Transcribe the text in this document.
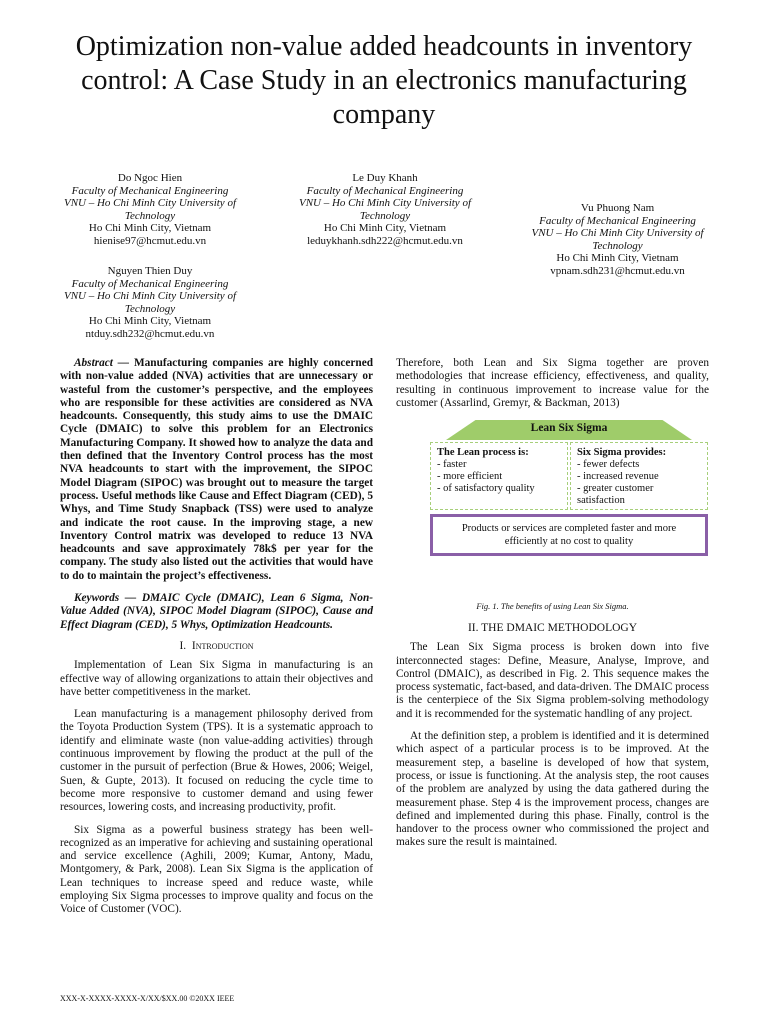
Optimization non-value added headcounts in inventory control: A Case Study in an electronics manufacturing company
Do Ngoc Hien
Faculty of Mechanical Engineering
VNU – Ho Chi Minh City University of Technology
Ho Chi Minh City, Vietnam
hienise97@hcmut.edu.vn
Le Duy Khanh
Faculty of Mechanical Engineering
VNU – Ho Chi Minh City University of Technology
Ho Chi Minh City, Vietnam
leduykhanh.sdh222@hcmut.edu.vn
Vu Phuong Nam
Faculty of Mechanical Engineering
VNU – Ho Chi Minh City University of Technology
Ho Chi Minh City, Vietnam
vpnam.sdh231@hcmut.edu.vn
Nguyen Thien Duy
Faculty of Mechanical Engineering
VNU – Ho Chi Minh City University of Technology
Ho Chi Minh City, Vietnam
ntduy.sdh232@hcmut.edu.vn

Abstract — Manufacturing companies are highly concerned with non-value added (NVA) activities that are unnecessary or wasteful from the customer’s perspective, and the employees who are responsible for these activities are considered as NVA headcounts. Consequently, this study aims to use the DMAIC Cycle (DMAIC) to solve this problem for an Electronics Manufacturing Company. It showed how to analyze the data and then defined that the Inventory Control process has the most NVA headcounts to start with the improvement, the SIPOC Model Diagram (SIPOC) was brought out to measure the target process. Useful methods like Cause and Effect Diagram (CED), 5 Whys, and Time Study Snapback (TSS) were used to analyze and indicate the root cause. In the improving stage, a new Inventory Control matrix was developed to reduce 13 NVA headcounts and save approximately 78k$ per year for the company. The study also listed out the activities that would have to do to maintain the project’s effectiveness.

Keywords — DMAIC Cycle (DMAIC), Lean 6 Sigma, Non-Value Added (NVA), SIPOC Model Diagram (SIPOC), Cause and Effect Diagram (CED), 5 Whys, Optimization Headcounts.

I. Introduction

Implementation of Lean Six Sigma in manufacturing is an effective way of allowing organizations to attain their objectives and have better competitiveness in the market.

Lean manufacturing is a management philosophy derived from the Toyota Production System (TPS). It is a systematic approach to identify and eliminate waste (non value-adding activities) through continuous improvement by flowing the product at the pull of the customer in the pursuit of perfection (Brue & Howes, 2006; Weigel, Suen, & Gupte, 2013). It focused on reducing the cycle time to become more responsive to customer demand and using fewer resources, lowering costs, and increasing productivity, profit.

Six Sigma as a powerful business strategy has been well-recognized as an imperative for achieving and sustaining operational and service excellence (Aghili, 2009; Kumar, Antony, Madu, Montgomery, & Park, 2008). Lean Six Sigma is the application of Lean techniques to increase speed and reduce waste, while employing Six Sigma processes to improve quality and focus on the Voice of Customer (VOC).

Therefore, both Lean and Six Sigma together are proven methodologies that increase efficiency, effectiveness, and quality, resulting in continuous improvement to increase value for the customer (Assarlind, Gremyr, & Backman, 2013)

Lean Six Sigma
The Lean process is:
- faster
- more efficient
- of satisfactory quality
Six Sigma provides:
- fewer defects
- increased revenue
- greater customer satisfaction
Products or services are completed faster and more efficiently at no cost to quality
Fig. 1. The benefits of using Lean Six Sigma.

II. THE DMAIC METHODOLOGY

The Lean Six Sigma process is broken down into five interconnected stages: Define, Measure, Analyse, Improve, and Control (DMAIC), as described in Fig. 2. This sequence makes the process systematic, fact-based, and data-driven. The DMAIC process is the centerpiece of the Six Sigma problem-solving methodology and it is recommended for the systematic handling of any project.

At the definition step, a problem is identified and it is determined which aspect of a particular process is to be improved. At the measurement step, a baseline is developed of how that system, process, or issue is functioning. At the analysis step, the root causes of the problem are analyzed by using the data gathered during the measurement phase. Step 4 is the improvement process, changes are defined and implemented during this phase. Finally, control is the handover to the process owner who commissioned the project and makes sure the result is maintained.

XXX-X-XXXX-XXXX-X/XX/$XX.00 ©20XX IEEE
